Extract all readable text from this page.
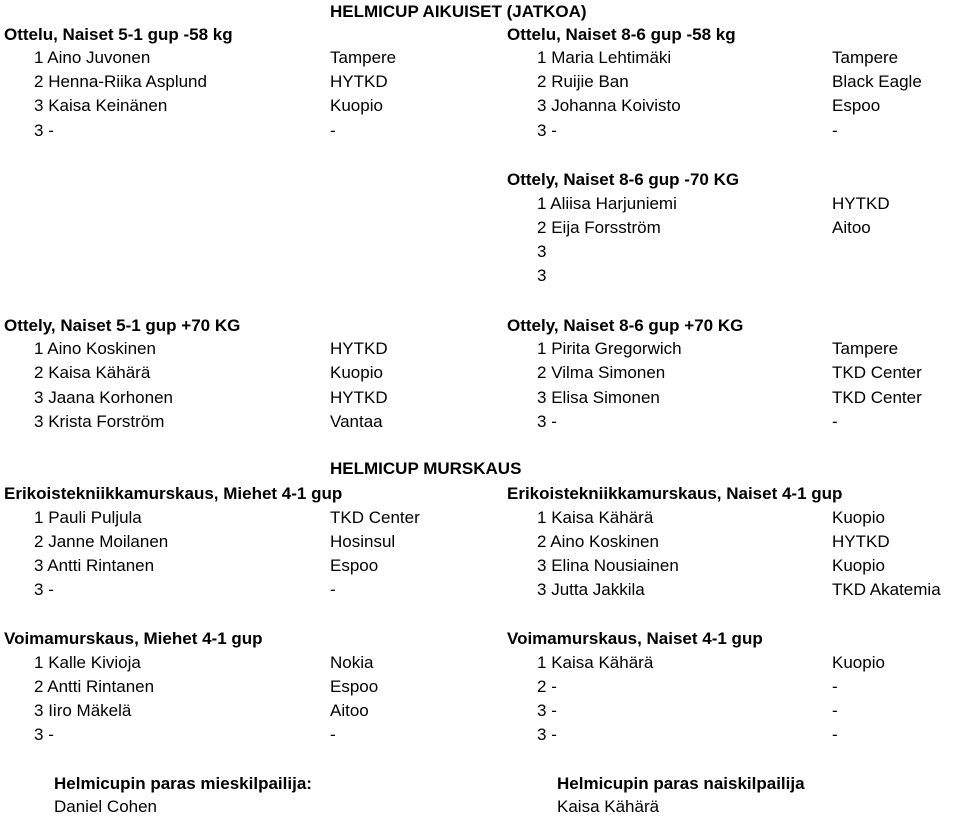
HELMICUP AIKUISET (JATKOA)
HELMICUP MURSKAUS
Ottelu, Naiset 5-1 gup -58 kg
1 Aino Juvonen	Tampere
2 Henna-Riika Asplund	HYTKD
3 Kaisa Keinänen	Kuopio
3 -	-
Ottelu, Naiset 8-6 gup -58 kg
1 Maria Lehtimäki	Tampere
2 Ruijie Ban	Black Eagle
3 Johanna Koivisto	Espoo
3 -	-
Ottely, Naiset 8-6 gup -70 KG
1 Aliisa Harjuniemi	HYTKD
2 Eija Forsström	Aitoo
3
3
Ottely, Naiset 5-1 gup +70 KG
1 Aino Koskinen	HYTKD
2 Kaisa Kähärä	Kuopio
3 Jaana Korhonen	HYTKD
3 Krista Forström	Vantaa
Ottely, Naiset 8-6 gup +70 KG
1 Pirita Gregorwich	Tampere
2 Vilma Simonen	TKD Center
3 Elisa Simonen	TKD Center
3 -	-
Erikoistekniikkamurskaus, Miehet 4-1 gup
1 Pauli Puljula	TKD Center
2 Janne Moilanen	Hosinsul
3 Antti Rintanen	Espoo
3 -	-
Erikoistekniikkamurskaus, Naiset 4-1 gup
1 Kaisa Kähärä	Kuopio
2 Aino Koskinen	HYTKD
3 Elina Nousiainen	Kuopio
3 Jutta Jakkila	TKD Akatemia
Voimamurskaus, Miehet 4-1 gup
1 Kalle Kivioja	Nokia
2 Antti Rintanen	Espoo
3 Iiro Mäkelä	Aitoo
3 -	-
Voimamurskaus, Naiset 4-1 gup
1 Kaisa Kähärä	Kuopio
2 -	-
3 -	-
3 -	-
Helmicupin paras mieskilpailija:
Daniel Cohen
Helmicupin paras naiskilpailija
Kaisa Kähärä
